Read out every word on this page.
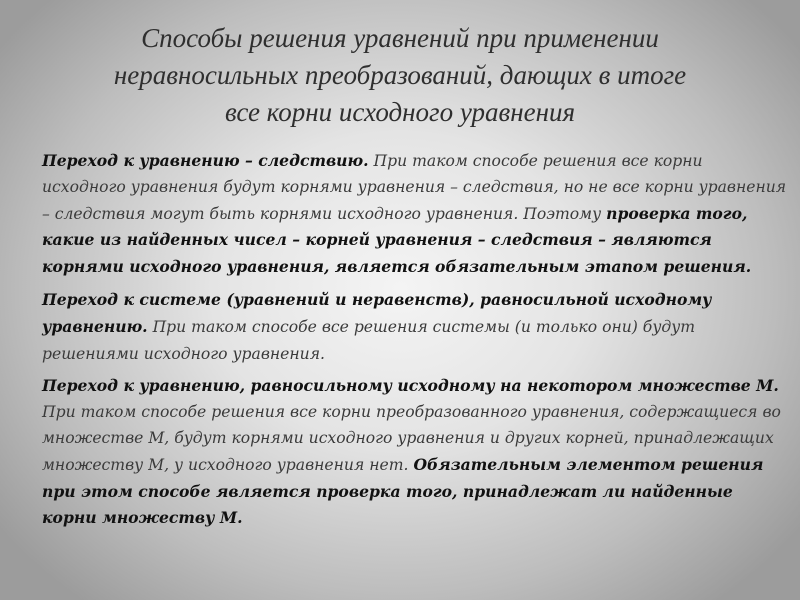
Способы решения уравнений при применении
неравносильных преобразований, дающих в итоге
все корни исходного уравнения
Переход к уравнению – следствию. При таком способе решения все корни исходного уравнения будут корнями уравнения – следствия, но не все корни уравнения – следствия могут быть корнями исходного уравнения. Поэтому проверка того, какие из найденных чисел – корней уравнения – следствия – являются корнями исходного уравнения, является обязательным этапом решения.
Переход к системе (уравнений и неравенств), равносильной исходному уравнению. При таком способе все решения системы (и только они) будут решениями исходного уравнения.
Переход к уравнению, равносильному исходному на некотором множестве М. При таком способе решения все корни преобразованного уравнения, содержащиеся во множестве М, будут корнями исходного уравнения и других корней, принадлежащих множеству М, у исходного уравнения нет. Обязательным элементом решения при этом способе является проверка того, принадлежат ли найденные корни множеству М.
